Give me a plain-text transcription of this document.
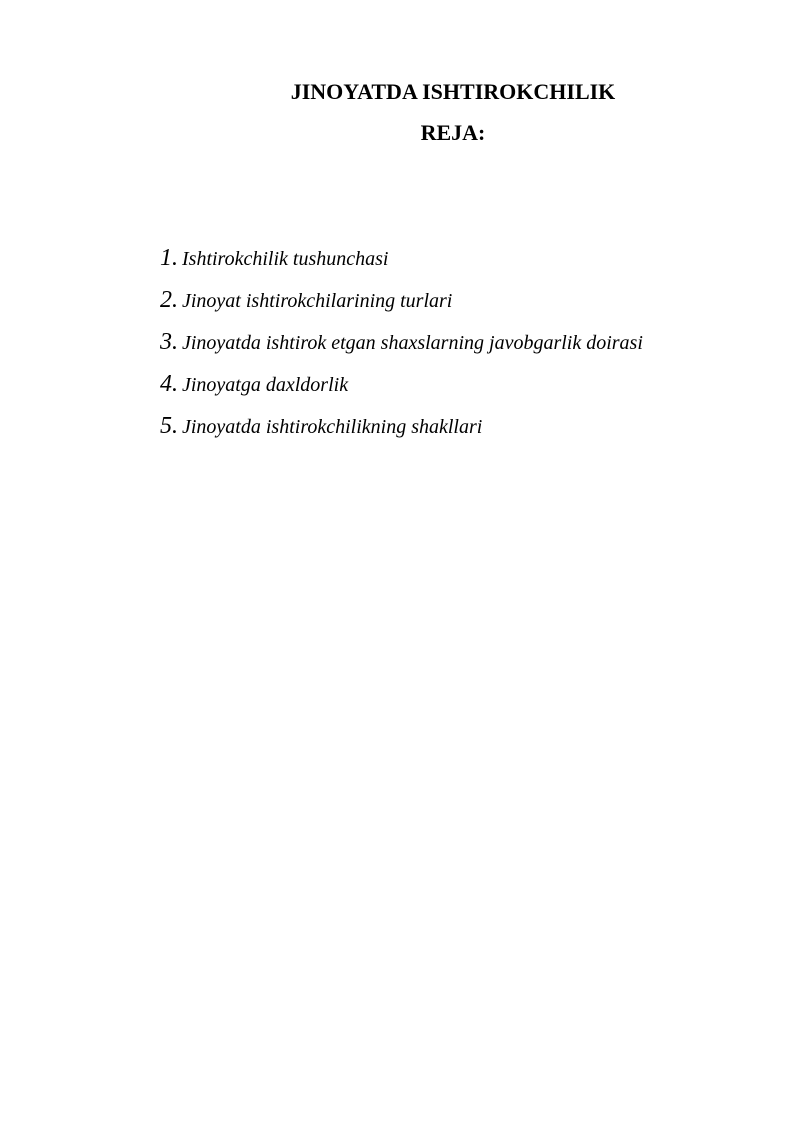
JINOYATDA ISHTIROKCHILIK
REJA:
1. Ishtirokchilik tushunchasi
2. Jinoyat ishtirokchilarining turlari
3. Jinoyatda ishtirok etgan shaxslarning javobgarlik doirasi
4. Jinoyatga daxldorlik
5. Jinoyatda ishtirokchilikning shakllari
